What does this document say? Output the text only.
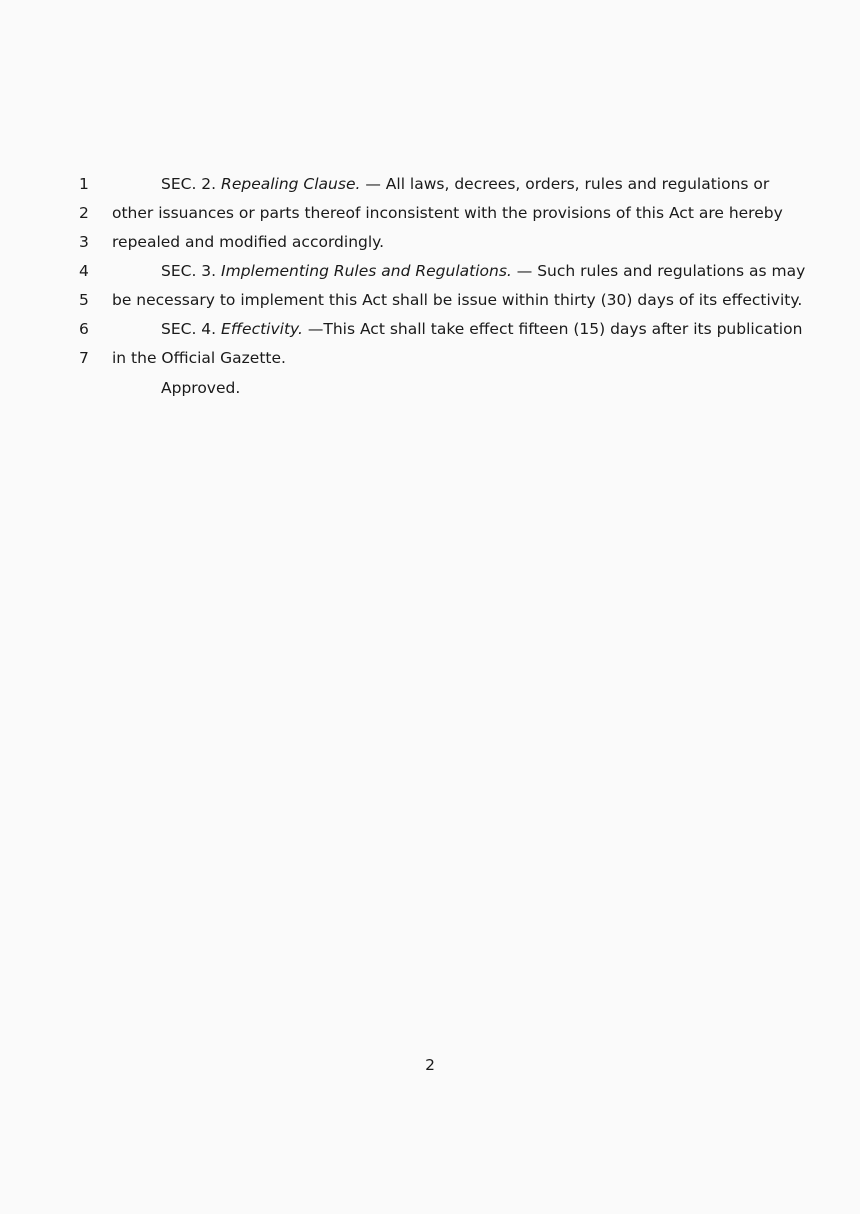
1	SEC. 2. Repealing Clause. — All laws, decrees, orders, rules and regulations or
2 other issuances or parts thereof inconsistent with the provisions of this Act are hereby
3 repealed and modified accordingly.
4	SEC. 3. Implementing Rules and Regulations. — Such rules and regulations as may
5 be necessary to implement this Act shall be issue within thirty (30) days of its effectivity.
6	SEC. 4. Effectivity. —This Act shall take effect fifteen (15) days after its publication
7 in the Official Gazette.
Approved.
2
